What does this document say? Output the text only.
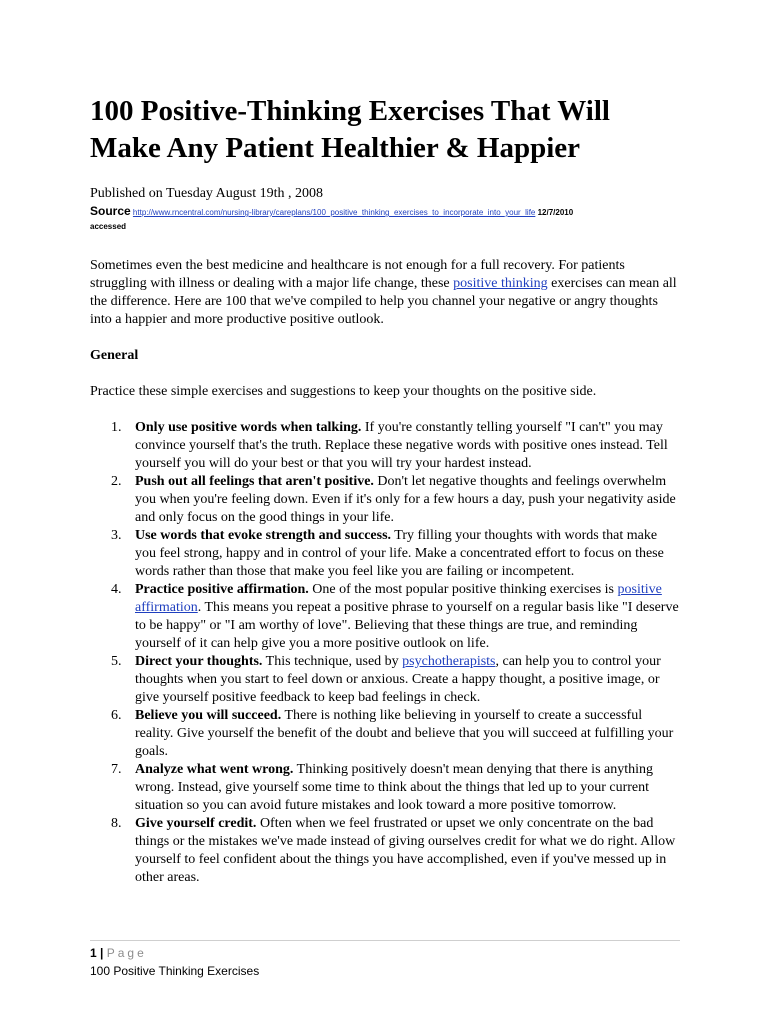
100 Positive-Thinking Exercises That Will
Make Any Patient Healthier & Happier
Published on Tuesday August 19th , 2008
Source http://www.rncentral.com/nursing-library/careplans/100_positive_thinking_exercises_to_incorporate_into_your_life 12/7/2010
accessed

Sometimes even the best medicine and healthcare is not enough for a full recovery. For patients struggling with illness or dealing with a major life change, these positive thinking exercises can mean all the difference. Here are 100 that we've compiled to help you channel your negative or angry thoughts into a happier and more productive positive outlook.

General

Practice these simple exercises and suggestions to keep your thoughts on the positive side.

1. Only use positive words when talking. If you're constantly telling yourself "I can't" you may convince yourself that's the truth. Replace these negative words with positive ones instead. Tell yourself you will do your best or that you will try your hardest instead.
2. Push out all feelings that aren't positive. Don't let negative thoughts and feelings overwhelm you when you're feeling down. Even if it's only for a few hours a day, push your negativity aside and only focus on the good things in your life.
3. Use words that evoke strength and success. Try filling your thoughts with words that make you feel strong, happy and in control of your life. Make a concentrated effort to focus on these words rather than those that make you feel like you are failing or incompetent.
4. Practice positive affirmation. One of the most popular positive thinking exercises is positive affirmation. This means you repeat a positive phrase to yourself on a regular basis like "I deserve to be happy" or "I am worthy of love". Believing that these things are true, and reminding yourself of it can help give you a more positive outlook on life.
5. Direct your thoughts. This technique, used by psychotherapists, can help you to control your thoughts when you start to feel down or anxious. Create a happy thought, a positive image, or give yourself positive feedback to keep bad feelings in check.
6. Believe you will succeed. There is nothing like believing in yourself to create a successful reality. Give yourself the benefit of the doubt and believe that you will succeed at fulfilling your goals.
7. Analyze what went wrong. Thinking positively doesn't mean denying that there is anything wrong. Instead, give yourself some time to think about the things that led up to your current situation so you can avoid future mistakes and look toward a more positive tomorrow.
8. Give yourself credit. Often when we feel frustrated or upset we only concentrate on the bad things or the mistakes we've made instead of giving ourselves credit for what we do right. Allow yourself to feel confident about the things you have accomplished, even if you've messed up in other areas.
1 | Page
100 Positive Thinking Exercises
